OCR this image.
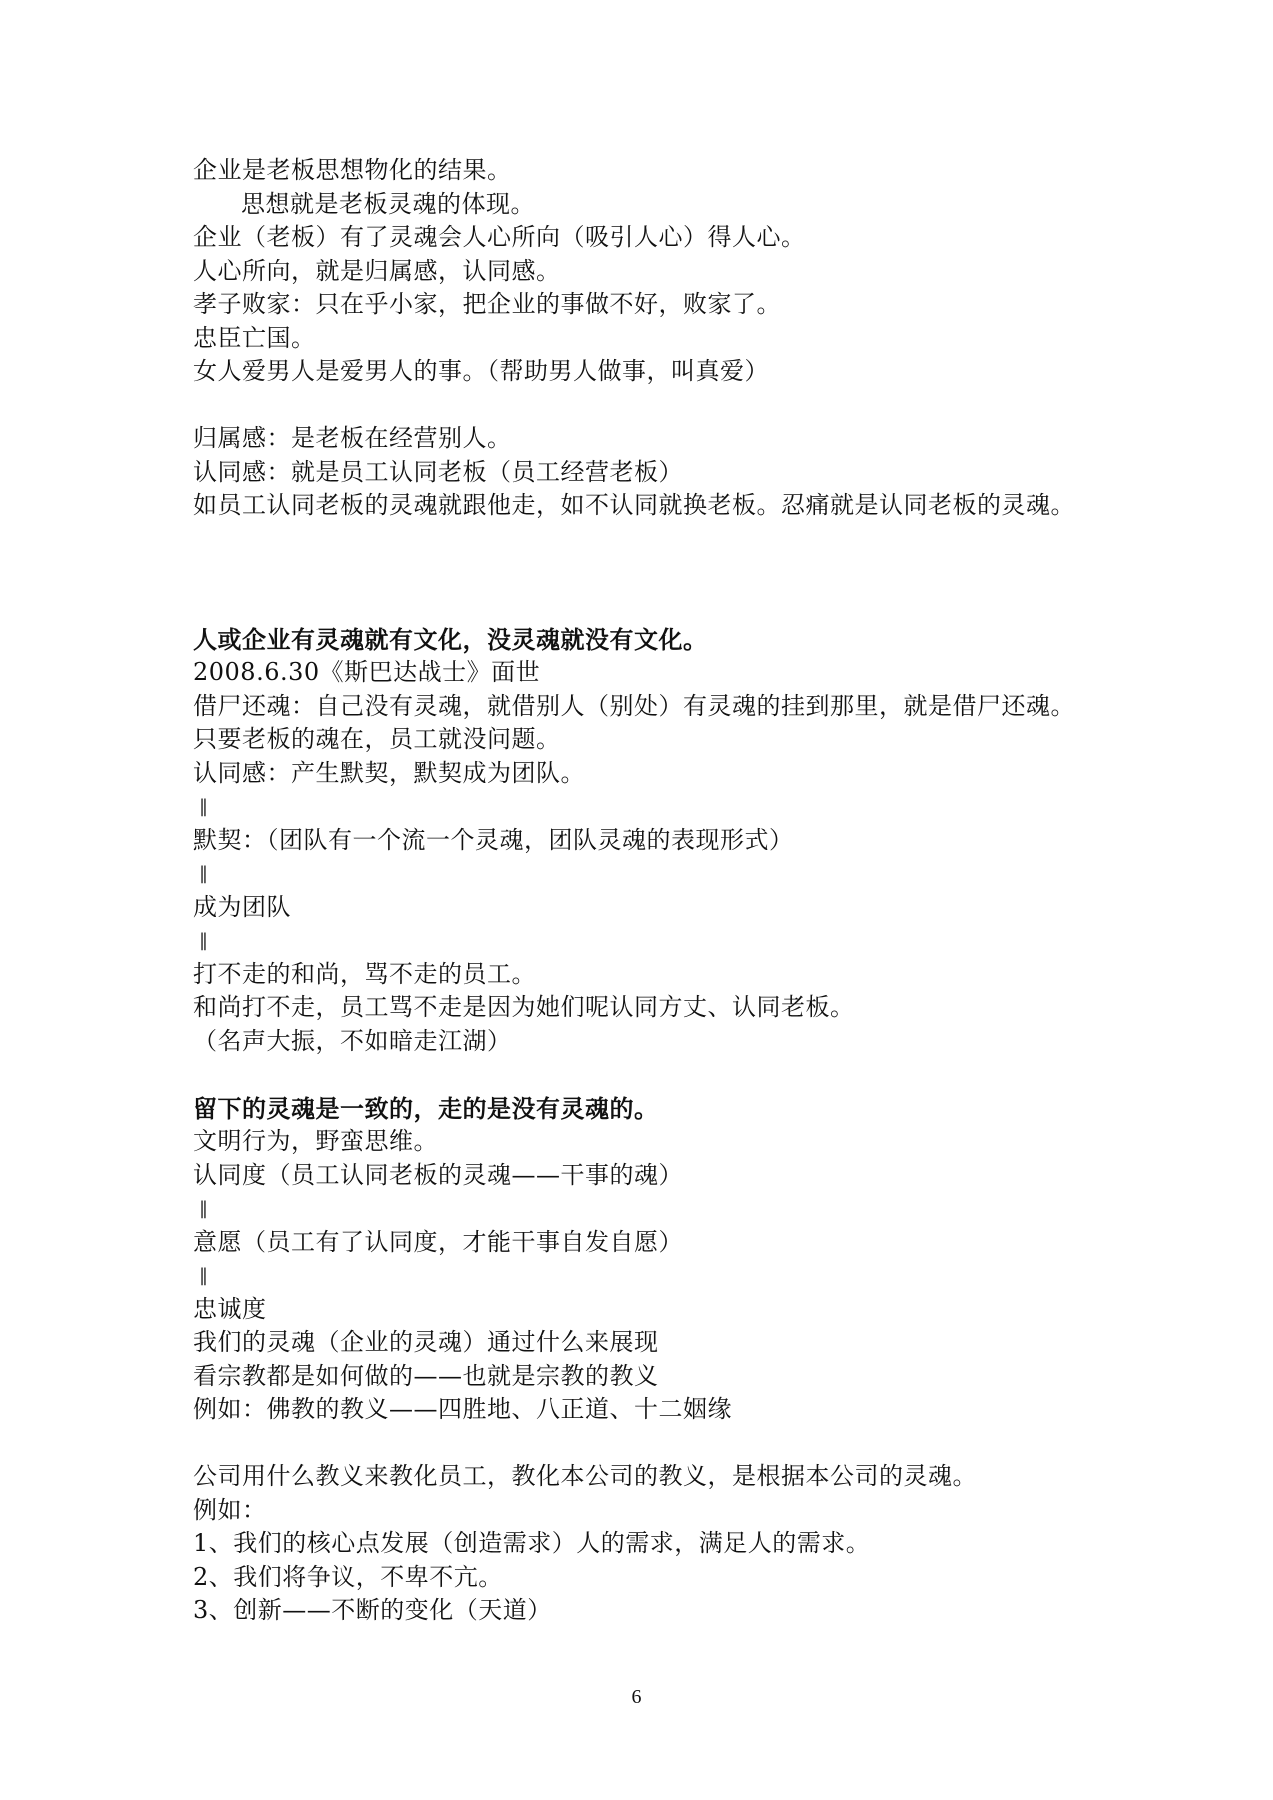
企业是老板思想物化的结果。
思想就是老板灵魂的体现。
企业（老板）有了灵魂会人心所向（吸引人心）得人心。
人心所向，就是归属感，认同感。
孝子败家：只在乎小家，把企业的事做不好，败家了。
忠臣亡国。
女人爱男人是爱男人的事。（帮助男人做事，叫真爱）
归属感：是老板在经营别人。
认同感：就是员工认同老板（员工经营老板）
如员工认同老板的灵魂就跟他走，如不认同就换老板。忍痛就是认同老板的灵魂。
人或企业有灵魂就有文化，没灵魂就没有文化。
2008.6.30《斯巴达战士》面世
借尸还魂：自己没有灵魂，就借别人（别处）有灵魂的挂到那里，就是借尸还魂。
只要老板的魂在，员工就没问题。
认同感：产生默契，默契成为团队。
‖
默契：（团队有一个流一个灵魂，团队灵魂的表现形式）
‖
成为团队
‖
打不走的和尚，骂不走的员工。
和尚打不走，员工骂不走是因为她们呢认同方丈、认同老板。
（名声大振，不如暗走江湖）
留下的灵魂是一致的，走的是没有灵魂的。
文明行为，野蛮思维。
认同度（员工认同老板的灵魂——干事的魂）
‖
意愿（员工有了认同度，才能干事自发自愿）
‖
忠诚度
我们的灵魂（企业的灵魂）通过什么来展现
看宗教都是如何做的——也就是宗教的教义
例如：佛教的教义——四胜地、八正道、十二姻缘
公司用什么教义来教化员工，教化本公司的教义，是根据本公司的灵魂。
例如：
1、我们的核心点发展（创造需求）人的需求，满足人的需求。
2、我们将争议，不卑不亢。
3、创新——不断的变化（天道）
6
